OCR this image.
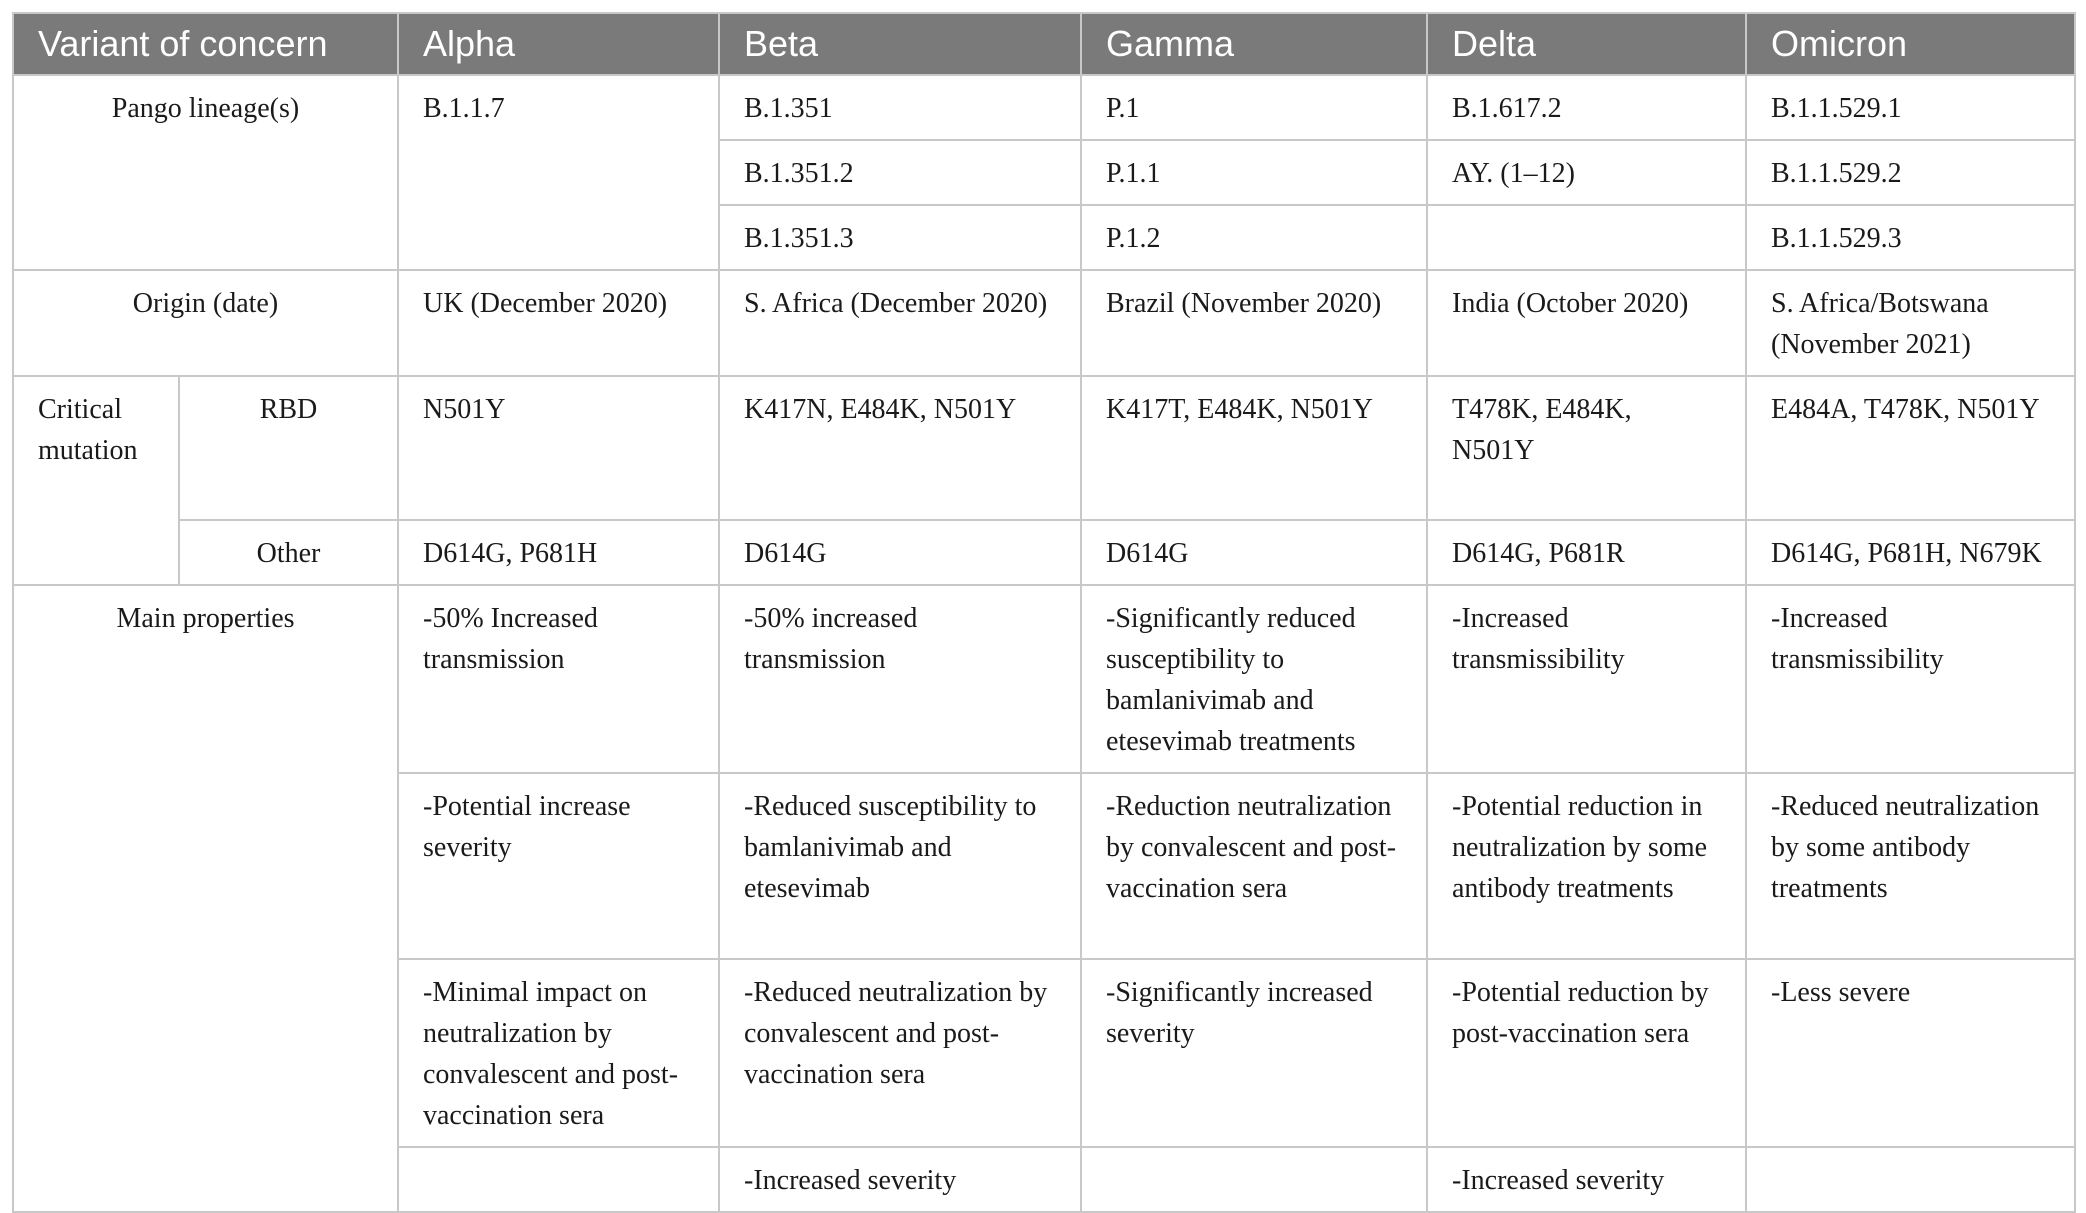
Variant of concern		Alpha	Beta	Gamma	Delta	Omicron
Pango lineage(s)		B.1.1.7	B.1.351	P.1	B.1.617.2	B.1.1.529.1
			B.1.351.2	P.1.1	AY. (1–12)	B.1.1.529.2
			B.1.351.3	P.1.2		B.1.1.529.3
Origin (date)		UK (December 2020)	S. Africa (December 2020)	Brazil (November 2020)	India (October 2020)	S. Africa/Botswana (November 2021)
Critical mutation	RBD	N501Y	K417N, E484K, N501Y	K417T, E484K, N501Y	T478K, E484K, N501Y	E484A, T478K, N501Y
	Other	D614G, P681H	D614G	D614G	D614G, P681R	D614G, P681H, N679K
Main properties		-50% Increased transmission	-50% increased transmission	-Significantly reduced susceptibility to bamlanivimab and etesevimab treatments	-Increased transmissibility	-Increased transmissibility
		-Potential increase severity	-Reduced susceptibility to bamlanivimab and etesevimab	-Reduction neutralization by convalescent and post-vaccination sera	-Potential reduction in neutralization by some antibody treatments	-Reduced neutralization by some antibody treatments
		-Minimal impact on neutralization by convalescent and post-vaccination sera	-Reduced neutralization by convalescent and post-vaccination sera	-Significantly increased severity	-Potential reduction by post-vaccination sera	-Less severe
			-Increased severity		-Increased severity	
